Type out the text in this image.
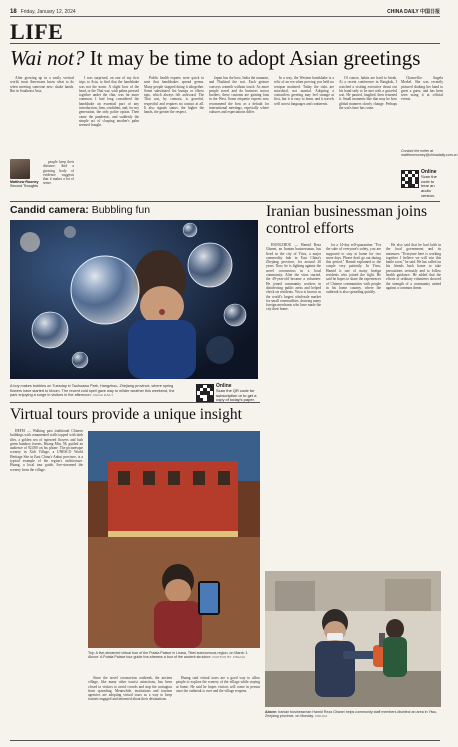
18 Friday, January 12, 2024	CHINA DAILY 中国日报
LIFE
Wai not? It may be time to adopt Asian greetings

After growing up in a vastly vertical world, most Americans know what to do when meeting someone new: shake hands. But in Southeast Asia,

Matthew Rooney
Second Thoughts

people keep their distance. And a growing body of evidence suggests that it makes a lot of sense.

I was surprised, on one of my first trips to Asia, to find that the handshake was not the norm. A slight bow of the head, or the Thai wai, with palms pressed together under the chin, was far more common. I had long considered the handshake an essential part of any introduction; firm, confident, and, for my generation, the only polite option. Then came the pandemic, and suddenly the simple act of clasping another's palm seemed fraught.

Public health experts were quick to note that handshakes spread germs. Many people stopped doing it altogether. Some substituted fist bumps or elbow taps, which always felt awkward. The Thai wai, by contrast, is graceful, respectful and requires no contact at all. It also signals status: the higher the hands, the greater the respect.

Japan has the bow, India the namaste, and Thailand the wai. Each gesture conveys warmth without touch. As more people travel and do business across borders, these customs are gaining fans in the West. Some etiquette experts now recommend the bow as a default for international meetings, especially where cultures and expectations differ.

In a way, the Western handshake is a relic of an era when proving you held no weapon mattered. Today the risks are microbial, not martial. Adopting a contactless greeting may feel strange at first, but it is easy to learn, and it travels well across languages and continents.

Of course, habits are hard to break. At a recent conference in Bangkok, I watched a visiting executive thrust out his hand only to be met with a graceful wai. He paused, laughed, then returned it. Small moments like that may be how global manners slowly change. Perhaps the wai's time has come.

Chancellor Angela Merkel. She was recently pictured shaking her hand to greet a guest, and has been seen using it at official events.

Contact the writer at
matthewrooney@chinadaily.com.cn
Online
Scan the code to hear an audio version.
Candid camera: Bubbling fun
A boy makes bubbles on Tuesday in Taohuawu Park, Hangzhou, Zhejiang province, where spring flowers have started to bloom. The recent cold spell gave way to milder weather this weekend, the park enjoying a surge in visitors in the afternoon. CHINA DAILY
Online
Scan the QR code for subscription or to get a copy of today's paper.
Iranian businessman joins control efforts

HANGZHOU — Hamid Reza Ghanei, an Iranian businessman, has lived in the city of Yiwu, a major commodity hub in East China's Zhejiang province, for around 20 years. Now, he is fighting against the novel coronavirus in a local community. After the virus started, the 49-year-old became a volunteer. He joined community workers in disinfecting public areas and helped check on residents. Yiwu is known as the world's largest wholesale market for small commodities, drawing many foreign merchants who have made the city their home.

for a 14-day self-quarantine. "For the sake of everyone's safety, you are supposed to stay at home for two more days. Please don't go out during this period," Hamid explained to the couple very patiently. In Yiwu, Hamid is one of many foreign residents who joined the fight. He said he hopes to share the experiences of Chinese communities with people in his home country, where the outbreak is also spreading quickly.

He also said that he had faith in the local government and its measures. "Everyone here is working together. I believe we will win this battle soon," he said. He has called on his friends back home to take precautions seriously and to follow health guidance. He added that the efforts of ordinary volunteers showed the strength of a community united against a common threat.

Above: Iranian businessman Hamid Reza Ghanei helps community staff members disinfect an area in Yiwu, Zhejiang province, on Monday. XINHUA
Virtual tours provide a unique insight

HEFEI — Walking past traditional Chinese buildings with ornamented walls topped with dark tiles, a golden sea of rapeseed flowers and lush green bamboo forests, Huang Min, 58, guided an audience of 92,000 on his phone. The picturesque scenery in Xidi Village, a UNESCO World Heritage Site in East China's Anhui province, is a typical example of the region's architecture. Huang, a local tour guide, live-streamed the scenery from the village.

Top: A live-streamed virtual tour of the Potala Palace in Lhasa, Tibet autonomous region, on March 1. Above: A Potala Palace tour guide live-streams a tour of the ancient structure. PHOTOS BY XINHUA

Since the novel coronavirus outbreak, the ancient village, like many other tourist attractions, has been closed to visitors to avoid crowds and stop the contagion from spreading. Meanwhile, institutions and tourism agencies are adopting virtual tours as a way to keep tourists engaged and informed about their destinations.

Huang said virtual tours are a good way to allow people to explore the scenery of the village while staying at home. He said he hopes visitors will come in person once the outbreak is over and the village reopens.
